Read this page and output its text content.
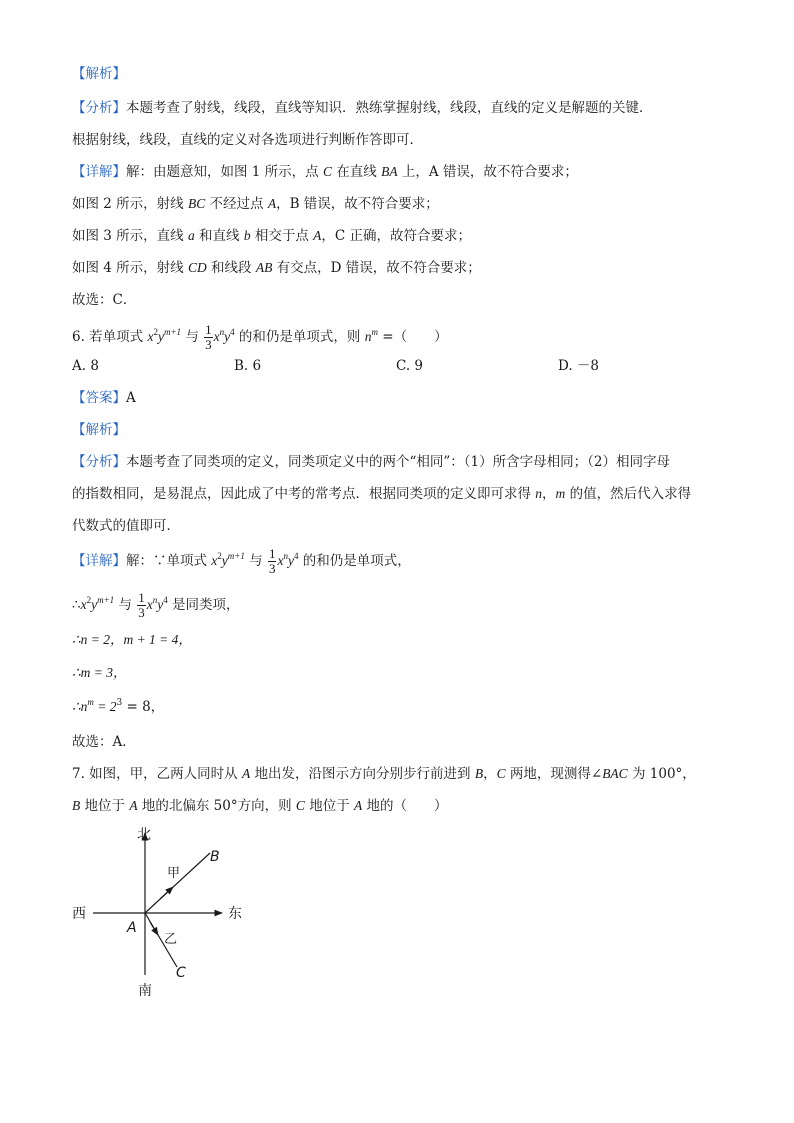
【解析】
【分析】本题考查了射线，线段，直线等知识．熟练掌握射线，线段，直线的定义是解题的关键．
根据射线，线段，直线的定义对各选项进行判断作答即可．
【详解】解：由题意知，如图 1 所示，点 C 在直线 BA 上，A 错误，故不符合要求；
如图 2 所示，射线 BC 不经过点 A，B 错误，故不符合要求；
如图 3 所示，直线 a 和直线 b 相交于点 A，C 正确，故符合要求；
如图 4 所示，射线 CD 和线段 AB 有交点，D 错误，故不符合要求；
故选：C．
6. 若单项式 $x^2y^{m+1}$ 与 $\frac{1}{3} x^ny^4$ 的和仍是单项式，则 $n^m$ =（　　）
A. 8	B. 6	C. 9	D. －8
【答案】A
【解析】
【分析】本题考查了同类项的定义，同类项定义中的两个“相同”：（1）所含字母相同；（2）相同字母
的指数相同，是易混点，因此成了中考的常考点．根据同类项的定义即可求得 n，m 的值，然后代入求得
代数式的值即可．
【详解】解：∵单项式 $x^2y^{m+1}$ 与 $\frac{1}{3} x^ny^4$ 的和仍是单项式，
$\therefore x^2y^{m+1}$ 与 $\frac{1}{3} x^ny^4$ 是同类项，
∴n = 2，m + 1 = 4，
∴m = 3，
$\therefore n^m = 2^3 = 8$，
故选：A．
7. 如图，甲，乙两人同时从 A 地出发，沿图示方向分别步行前进到 B，C 两地，现测得∠BAC 为 100°，
B 地位于 A 地的北偏东 50°方向，则 C 地位于 A 地的（　　）
北
南
东
西
A
B
C
甲
乙
